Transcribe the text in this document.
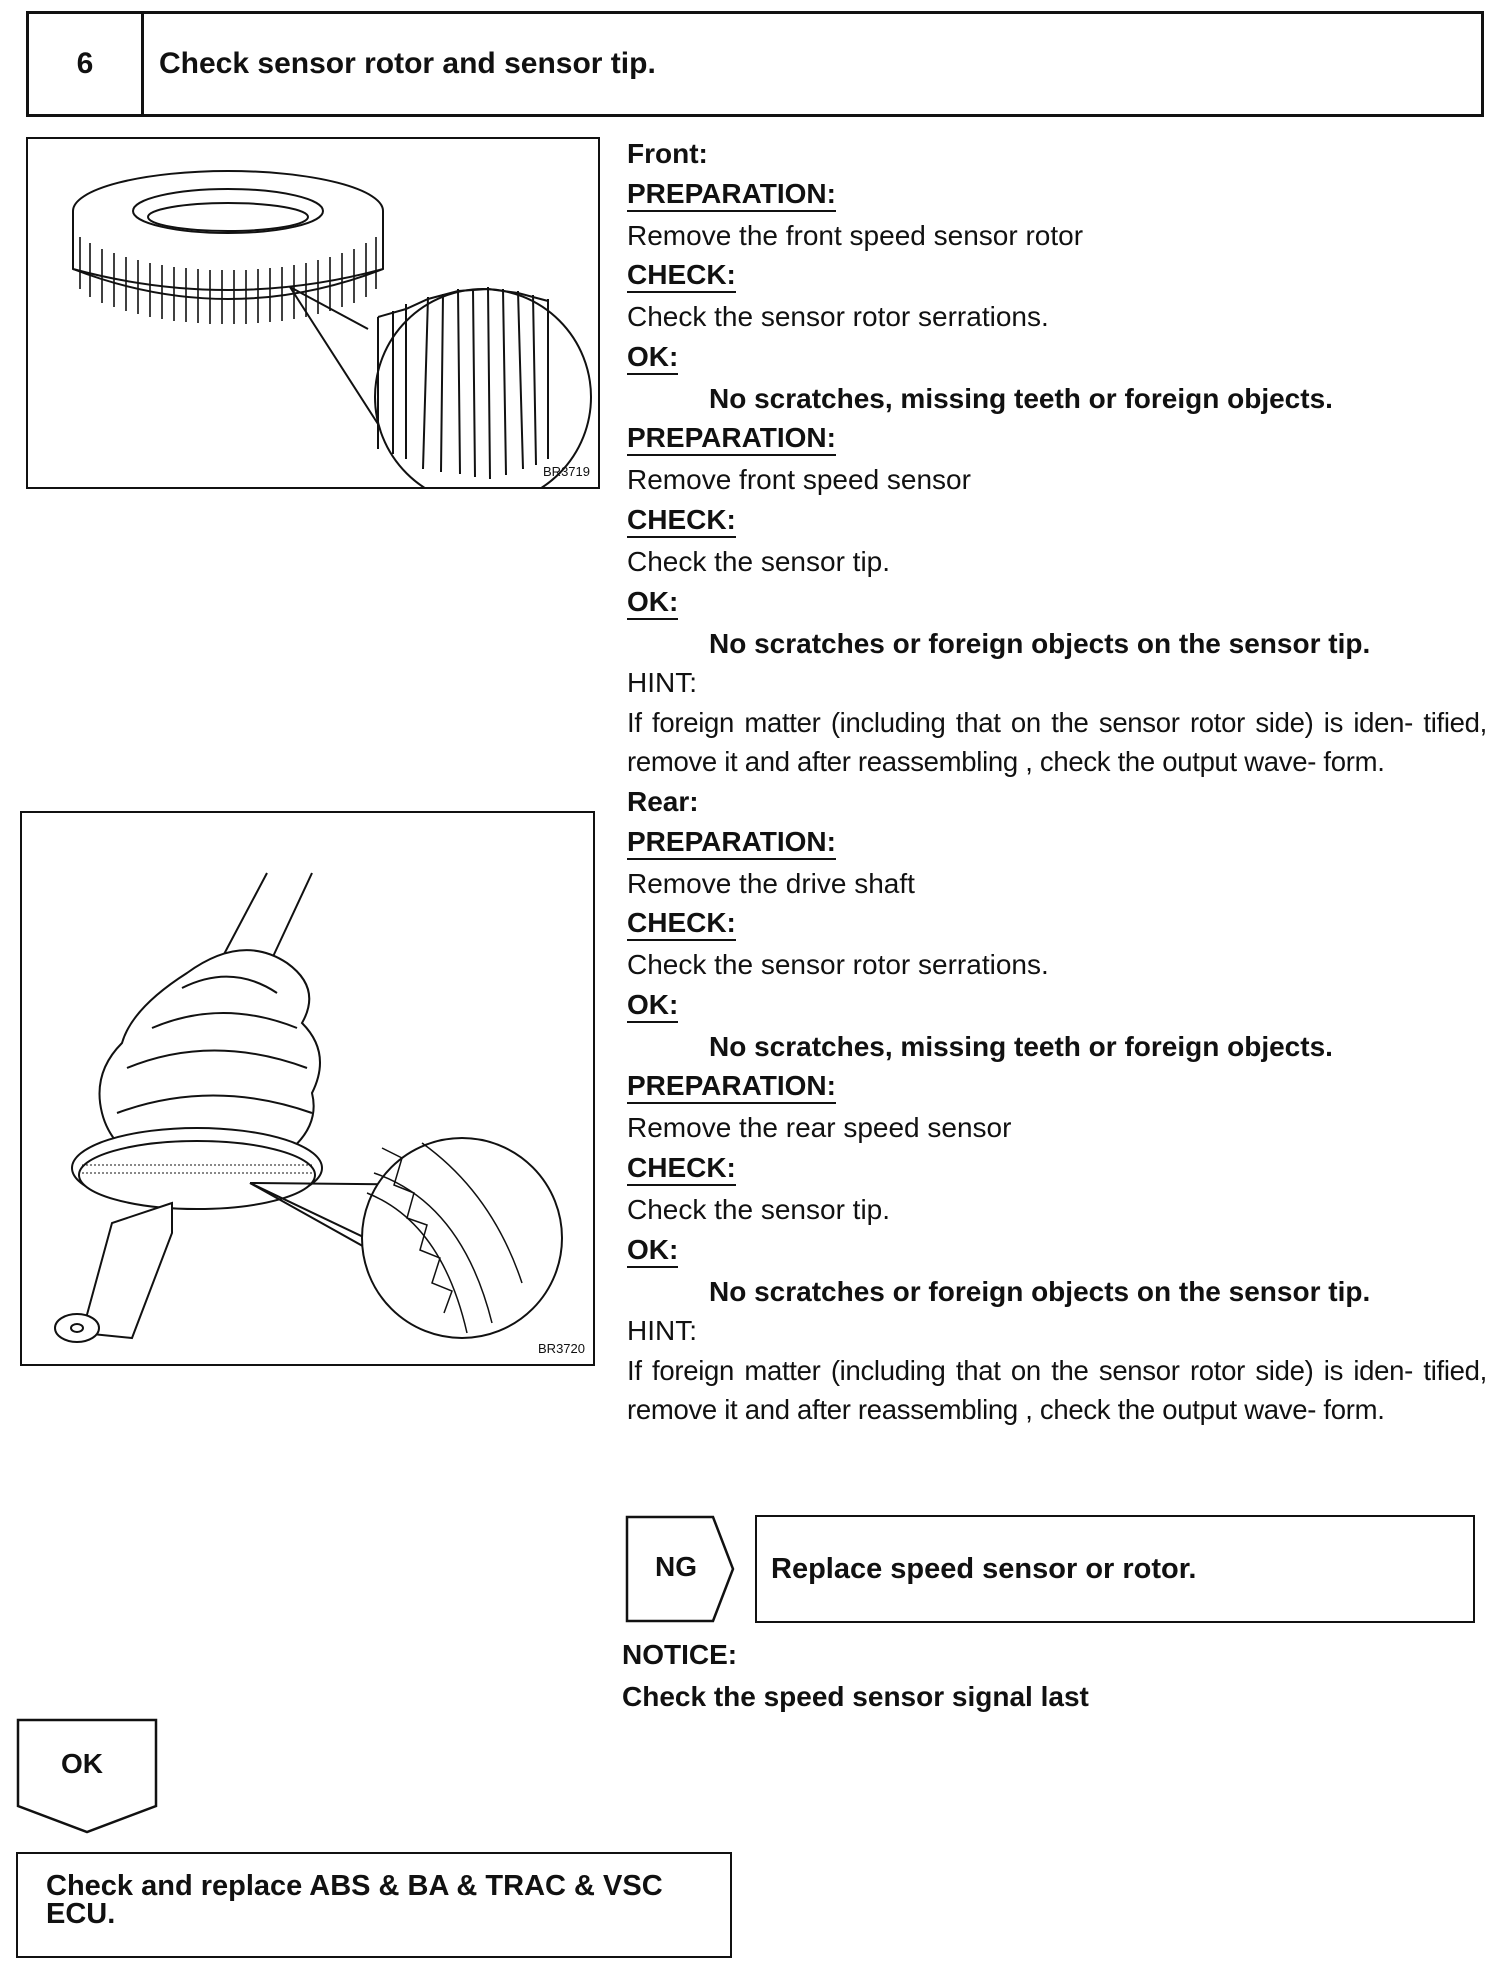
6	Check sensor rotor and sensor tip.
BR3719
BR3720
Front:
PREPARATION:
Remove the front speed sensor rotor
CHECK:
Check the sensor rotor serrations.
OK:
No scratches, missing teeth or foreign objects.
PREPARATION:
Remove front speed sensor
CHECK:
Check the sensor tip.
OK:
No scratches or foreign objects on the sensor tip.
HINT:
If foreign matter (including that on the sensor rotor side) is iden- tified, remove it and after reassembling , check the output wave- form.
Rear:
PREPARATION:
Remove the drive shaft
CHECK:
Check the sensor rotor serrations.
OK:
No scratches, missing teeth or foreign objects.
PREPARATION:
Remove the rear speed sensor
CHECK:
Check the sensor tip.
OK:
No scratches or foreign objects on the sensor tip.
HINT:
If foreign matter (including that on the sensor rotor side) is iden- tified, remove it and after reassembling , check the output wave- form.
NG	Replace speed sensor or rotor.
NOTICE:
Check the speed sensor signal last
OK
Check and replace ABS & BA & TRAC & VSC
ECU.
